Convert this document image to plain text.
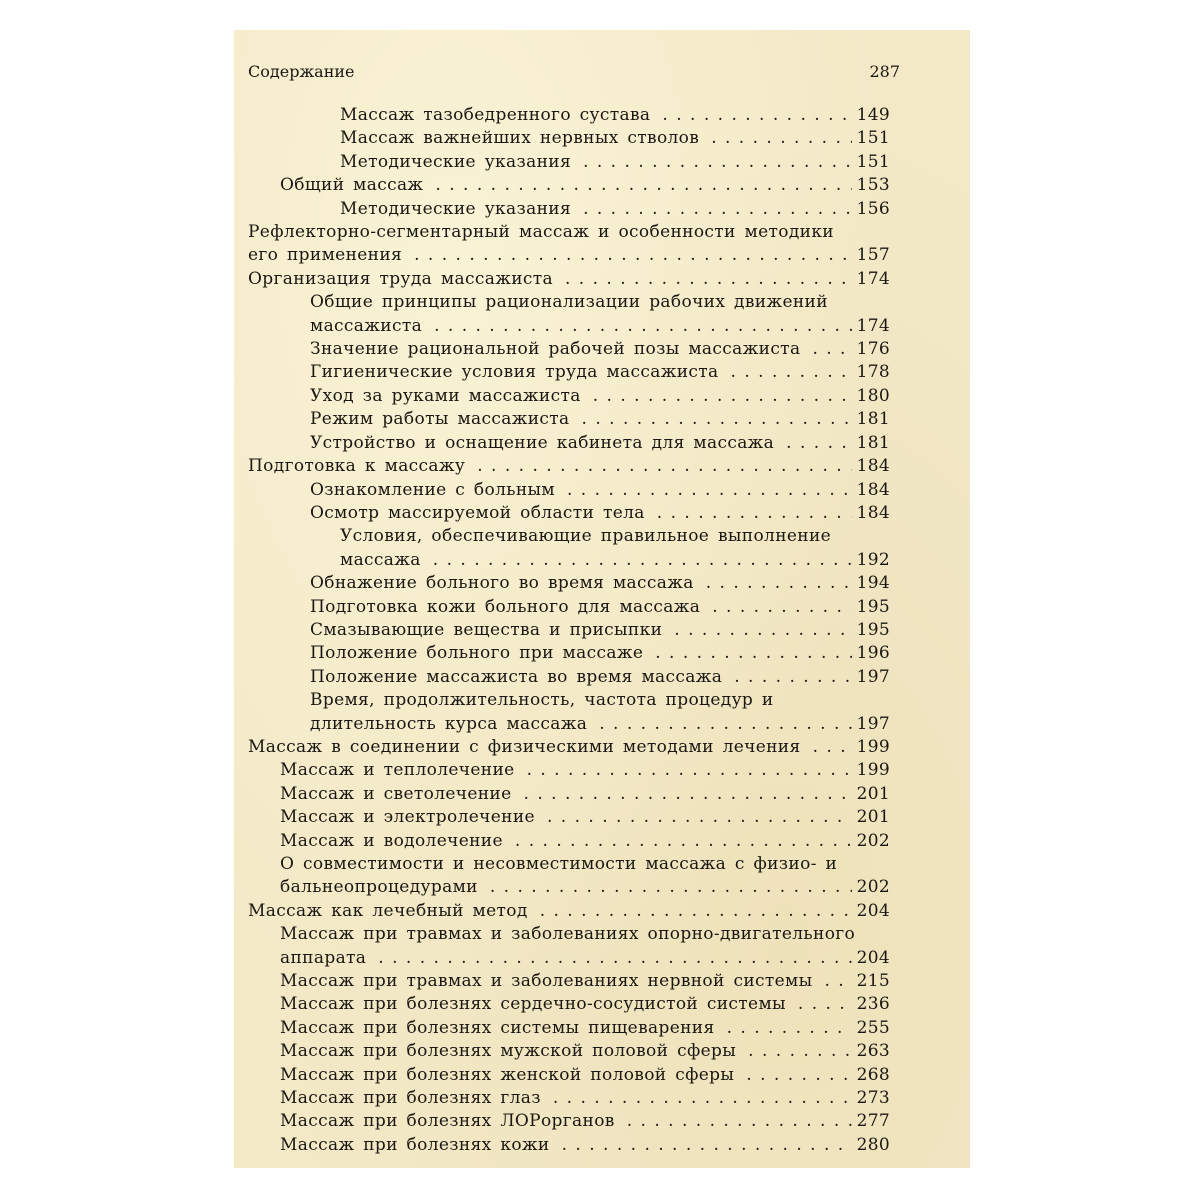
Содержание	287
Массаж тазобедренного сустава . . .	149
Массаж важнейших нервных стволов . . .	151
Методические указания . . .	151
Общий массаж . . .	153
Методические указания . . .	156
Рефлекторно-сегментарный массаж и особенности методики
его применения . . .	157
Организация труда массажиста . . .	174
Общие принципы рационализации рабочих движений
массажиста . . .	174
Значение рациональной рабочей позы массажиста . . .	176
Гигиенические условия труда массажиста . . .	178
Уход за руками массажиста . . .	180
Режим работы массажиста . . .	181
Устройство и оснащение кабинета для массажа . . .	181
Подготовка к массажу . . .	184
Ознакомление с больным . . .	184
Осмотр массируемой области тела . . .	184
Условия, обеспечивающие правильное выполнение
массажа . . .	192
Обнажение больного во время массажа . . .	194
Подготовка кожи больного для массажа . . .	195
Смазывающие вещества и присыпки . . .	195
Положение больного при массаже . . .	196
Положение массажиста во время массажа . . .	197
Время, продолжительность, частота процедур и
длительность курса массажа . . .	197
Массаж в соединении с физическими методами лечения . . .	199
Массаж и теплолечение . . .	199
Массаж и светолечение . . .	201
Массаж и электролечение . . .	201
Массаж и водолечение . . .	202
О совместимости и несовместимости массажа с физио- и
бальнеопроцедурами . . .	202
Массаж как лечебный метод . . .	204
Массаж при травмах и заболеваниях опорно-двигательного
аппарата . . .	204
Массаж при травмах и заболеваниях нервной системы . . .	215
Массаж при болезнях сердечно-сосудистой системы . . .	236
Массаж при болезнях системы пищеварения . . .	255
Массаж при болезнях мужской половой сферы . . .	263
Массаж при болезнях женской половой сферы . . .	268
Массаж при болезнях глаз . . .	273
Массаж при болезнях ЛОРорганов . . .	277
Массаж при болезнях кожи . . .	280
